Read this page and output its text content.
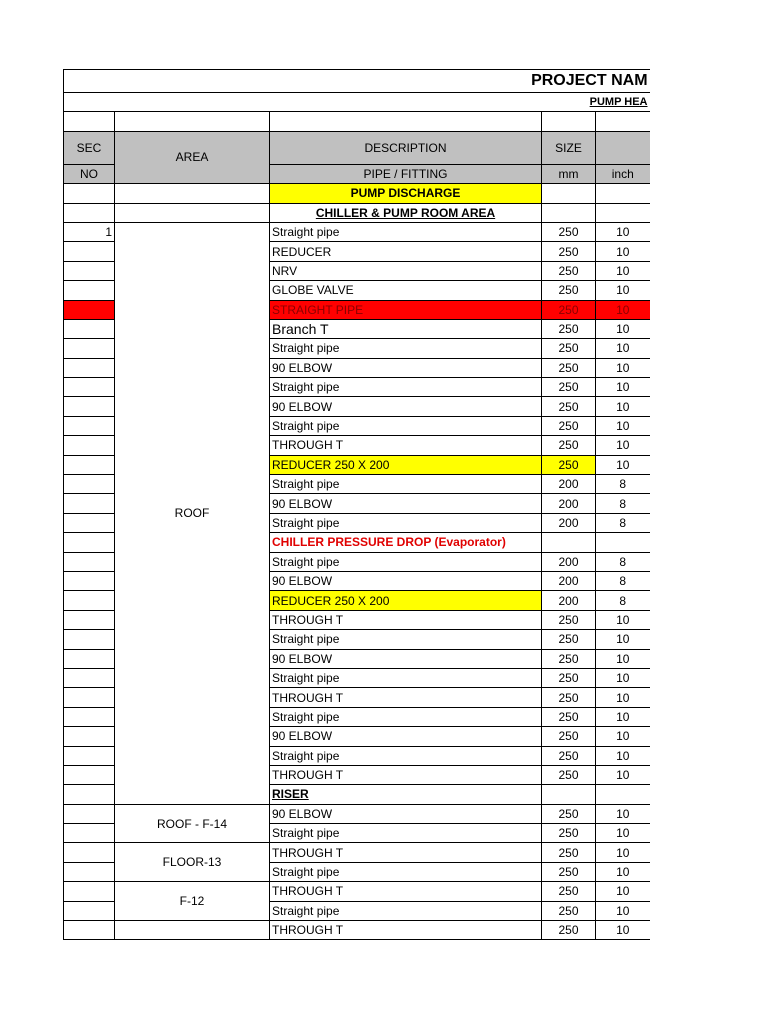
PROJECT NAM				
PUMP HEA				

SEC	AREA	DESCRIPTION	SIZE	
NO		PIPE / FITTING	mm	inch
		PUMP DISCHARGE		
		CHILLER & PUMP ROOM AREA		
1	ROOF	Straight pipe	250	10
		REDUCER	250	10
		NRV	250	10
		GLOBE VALVE	250	10
		STRAIGHT PIPE	250	10
		Branch T	250	10
		Straight pipe	250	10
		90 ELBOW	250	10
		Straight pipe	250	10
		90 ELBOW	250	10
		Straight pipe	250	10
		THROUGH T	250	10
		REDUCER 250 X 200	250	10
		Straight pipe	200	8
		90 ELBOW	200	8
		Straight pipe	200	8
		CHILLER PRESSURE DROP (Evaporator)		
		Straight pipe	200	8
		90 ELBOW	200	8
		REDUCER 250 X 200	200	8
		THROUGH T	250	10
		Straight pipe	250	10
		90 ELBOW	250	10
		Straight pipe	250	10
		THROUGH T	250	10
		Straight pipe	250	10
		90 ELBOW	250	10
		Straight pipe	250	10
		THROUGH T	250	10
		RISER		
	ROOF - F-14	90 ELBOW	250	10
		Straight pipe	250	10
	FLOOR-13	THROUGH T	250	10
		Straight pipe	250	10
	F-12	THROUGH T	250	10
		Straight pipe	250	10
		THROUGH T	250	10
